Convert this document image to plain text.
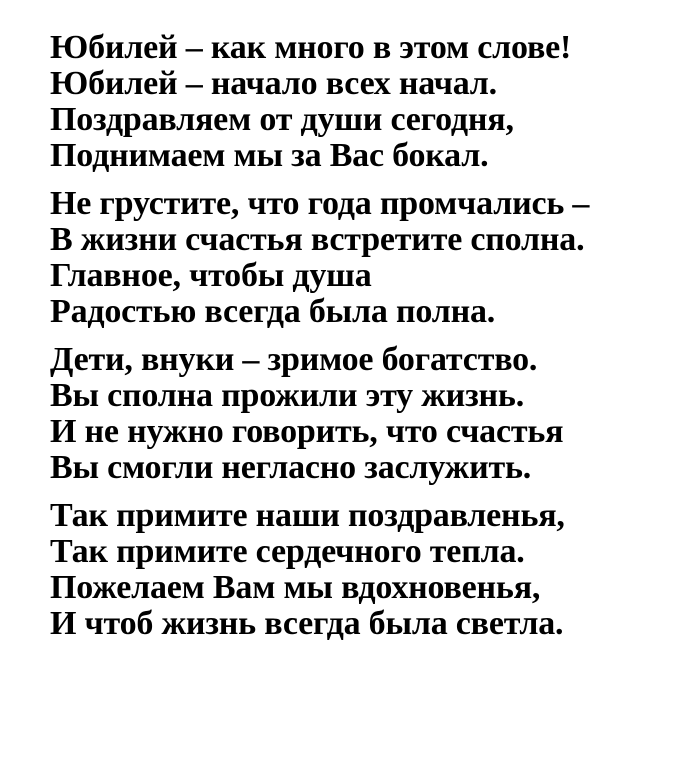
Юбилей – как много в этом слове!
Юбилей – начало всех начал.
Поздравляем от души сегодня,
Поднимаем мы за Вас бокал.
Не грустите, что года промчались –
В жизни счастья встретите сполна.
Главное, чтобы душа
Радостью всегда была полна.
Дети, внуки – зримое богатство.
Вы сполна прожили эту жизнь.
И не нужно говорить, что счастья
Вы смогли негласно заслужить.
Так примите наши поздравленья,
Так примите сердечного тепла.
Пожелаем Вам мы вдохновенья,
И чтоб жизнь всегда была светла.
